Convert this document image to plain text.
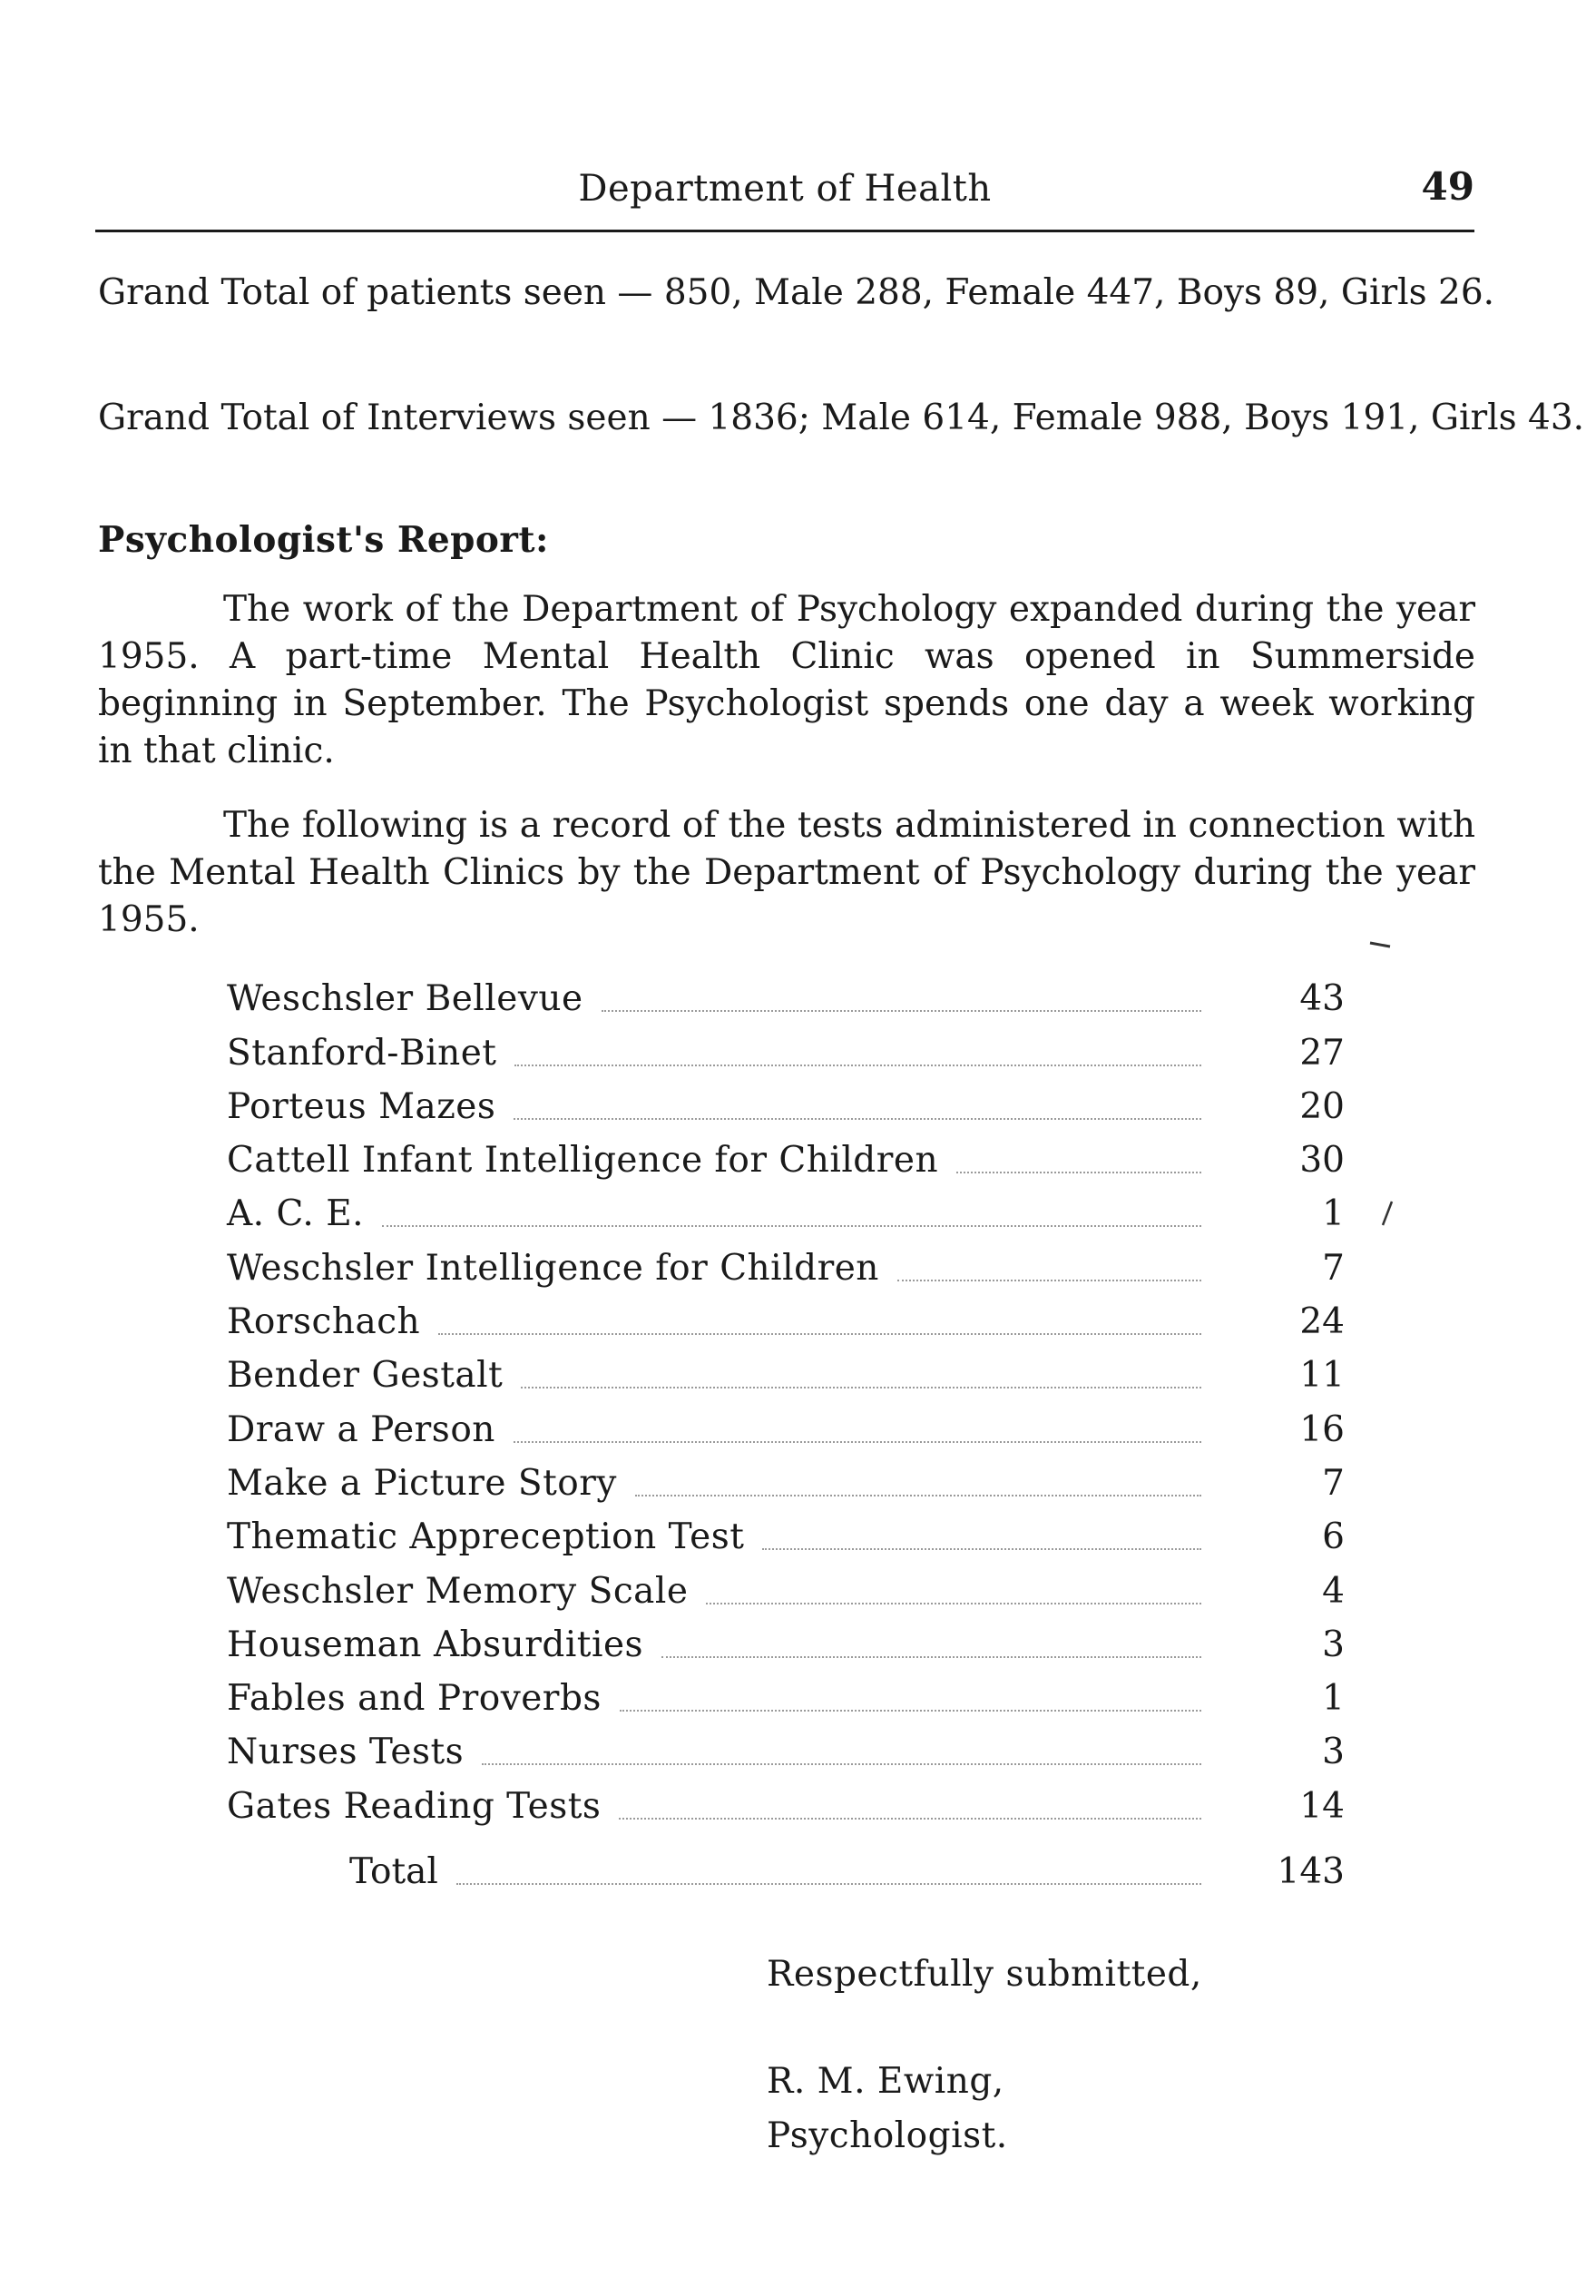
Department of Health	49
Grand Total of patients seen — 850, Male 288, Female 447, Boys 89, Girls 26.
Grand Total of Interviews seen — 1836; Male 614, Female 988, Boys 191, Girls 43.
Psychologist's Report:
The work of the Department of Psychology expanded during the year 1955. A part-time Mental Health Clinic was opened in Summerside beginning in September. The Psychologist spends one day a week working in that clinic.
The following is a record of the tests administered in connection with the Mental Health Clinics by the Department of Psychology during the year 1955.
Weschsler Bellevue	43
Stanford-Binet	27
Porteus Mazes	20
Cattell Infant Intelligence for Children	30
A. C. E.	1
Weschsler Intelligence for Children	7
Rorschach	24
Bender Gestalt	11
Draw a Person	16
Make a Picture Story	7
Thematic Appreception Test	6
Weschsler Memory Scale	4
Houseman Absurdities	3
Fables and Proverbs	1
Nurses Tests	3
Gates Reading Tests	14
Total	143
Respectfully submitted,
R. M. Ewing,
Psychologist.
